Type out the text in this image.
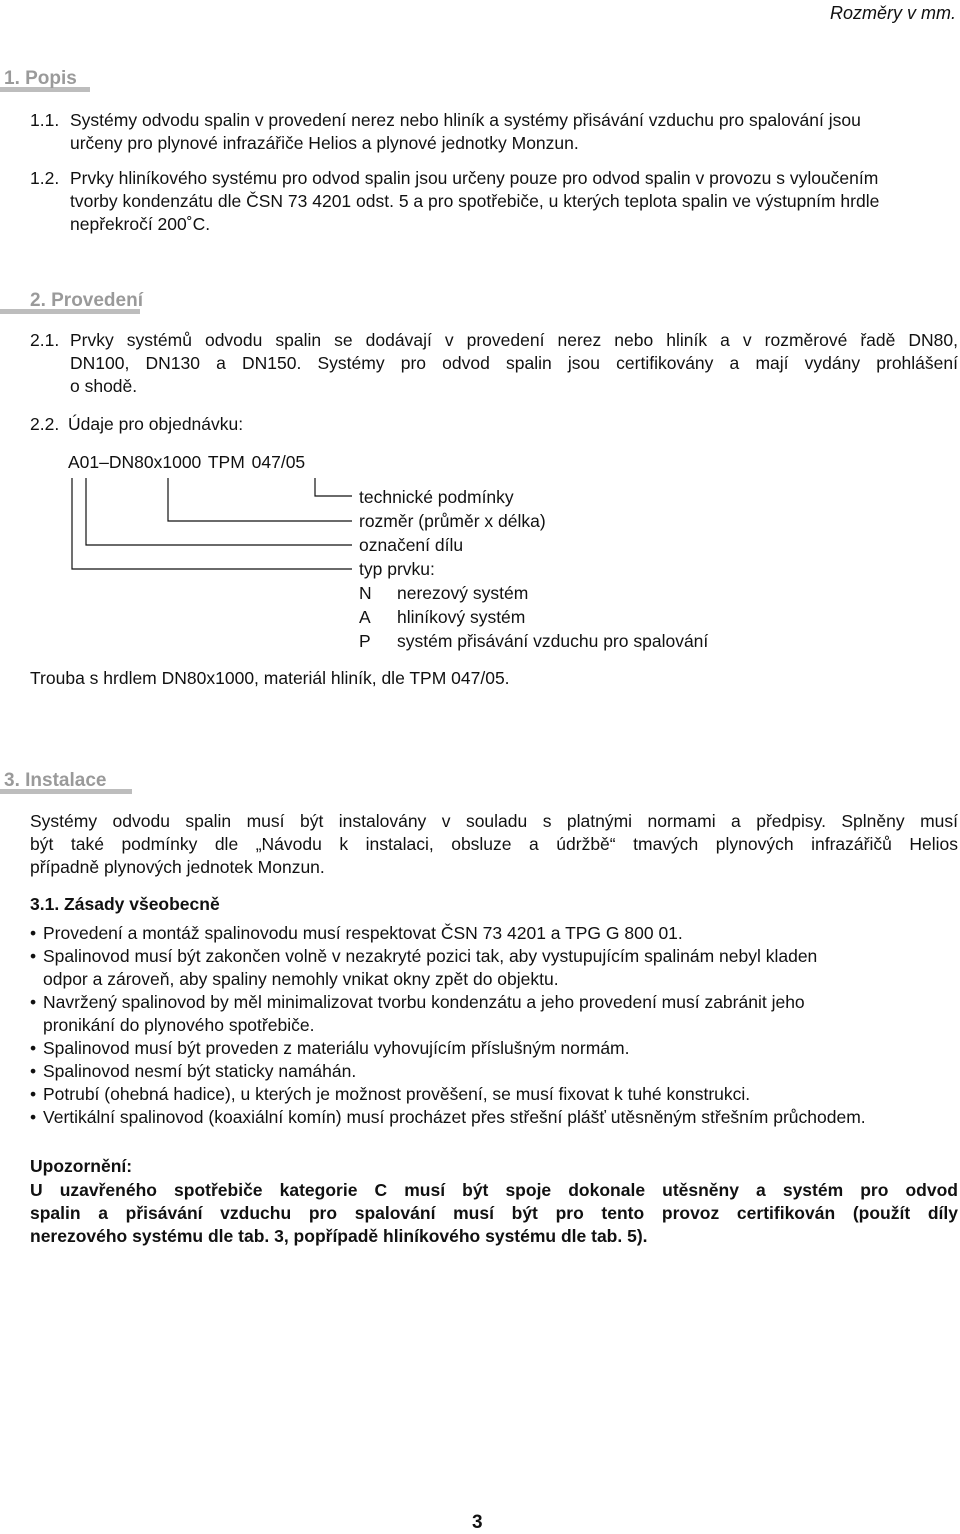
Rozměry v mm.
1. Popis
1.1. Systémy odvodu spalin v provedení nerez nebo hliník a systémy přisávání vzduchu pro spalování jsou
určeny pro plynové infrazářiče Helios a plynové jednotky Monzun.
1.2. Prvky hliníkového systému pro odvod spalin jsou určeny pouze pro odvod spalin v provozu s vyloučením
tvorby kondenzátu dle ČSN 73 4201 odst. 5 a pro spotřebiče, u kterých teplota spalin ve výstupním hrdle
nepřekročí 200˚C.
2. Provedení
2.1. Prvky systémů odvodu spalin se dodávají v provedení nerez nebo hliník a v rozměrové řadě DN80,
DN100, DN130 a DN150. Systémy pro odvod spalin jsou certifikovány a mají vydány prohlášení
o shodě.
2.2. Údaje pro objednávku:
A01–DN80x1000 TPM 047/05
technické podmínky
rozměr (průměr x délka)
označení dílu
typ prvku:
N nerezový systém
A hliníkový systém
P systém přisávání vzduchu pro spalování
Trouba s hrdlem DN80x1000, materiál hliník, dle TPM 047/05.
3. Instalace
Systémy odvodu spalin musí být instalovány v souladu s platnými normami a předpisy. Splněny musí
být také podmínky dle „Návodu k instalaci, obsluze a údržbě“ tmavých plynových infrazářičů Helios
případně plynových jednotek Monzun.
3.1. Zásady všeobecně
• Provedení a montáž spalinovodu musí respektovat ČSN 73 4201 a TPG G 800 01.
• Spalinovod musí být zakončen volně v nezakryté pozici tak, aby vystupujícím spalinám nebyl kladen
odpor a zároveň, aby spaliny nemohly vnikat okny zpět do objektu.
• Navržený spalinovod by měl minimalizovat tvorbu kondenzátu a jeho provedení musí zabránit jeho
pronikání do plynového spotřebiče.
• Spalinovod musí být proveden z materiálu vyhovujícím příslušným normám.
• Spalinovod nesmí být staticky namáhán.
• Potrubí (ohebná hadice), u kterých je možnost prověšení, se musí fixovat k tuhé konstrukci.
• Vertikální spalinovod (koaxiální komín) musí procházet přes střešní plášť utěsněným střešním průchodem.
Upozornění:
U uzavřeného spotřebiče kategorie C musí být spoje dokonale utěsněny a systém pro odvod
spalin a přisávání vzduchu pro spalování musí být pro tento provoz certifikován (použít díly
nerezového systému dle tab. 3, popřípadě hliníkového systému dle tab. 5).
3
